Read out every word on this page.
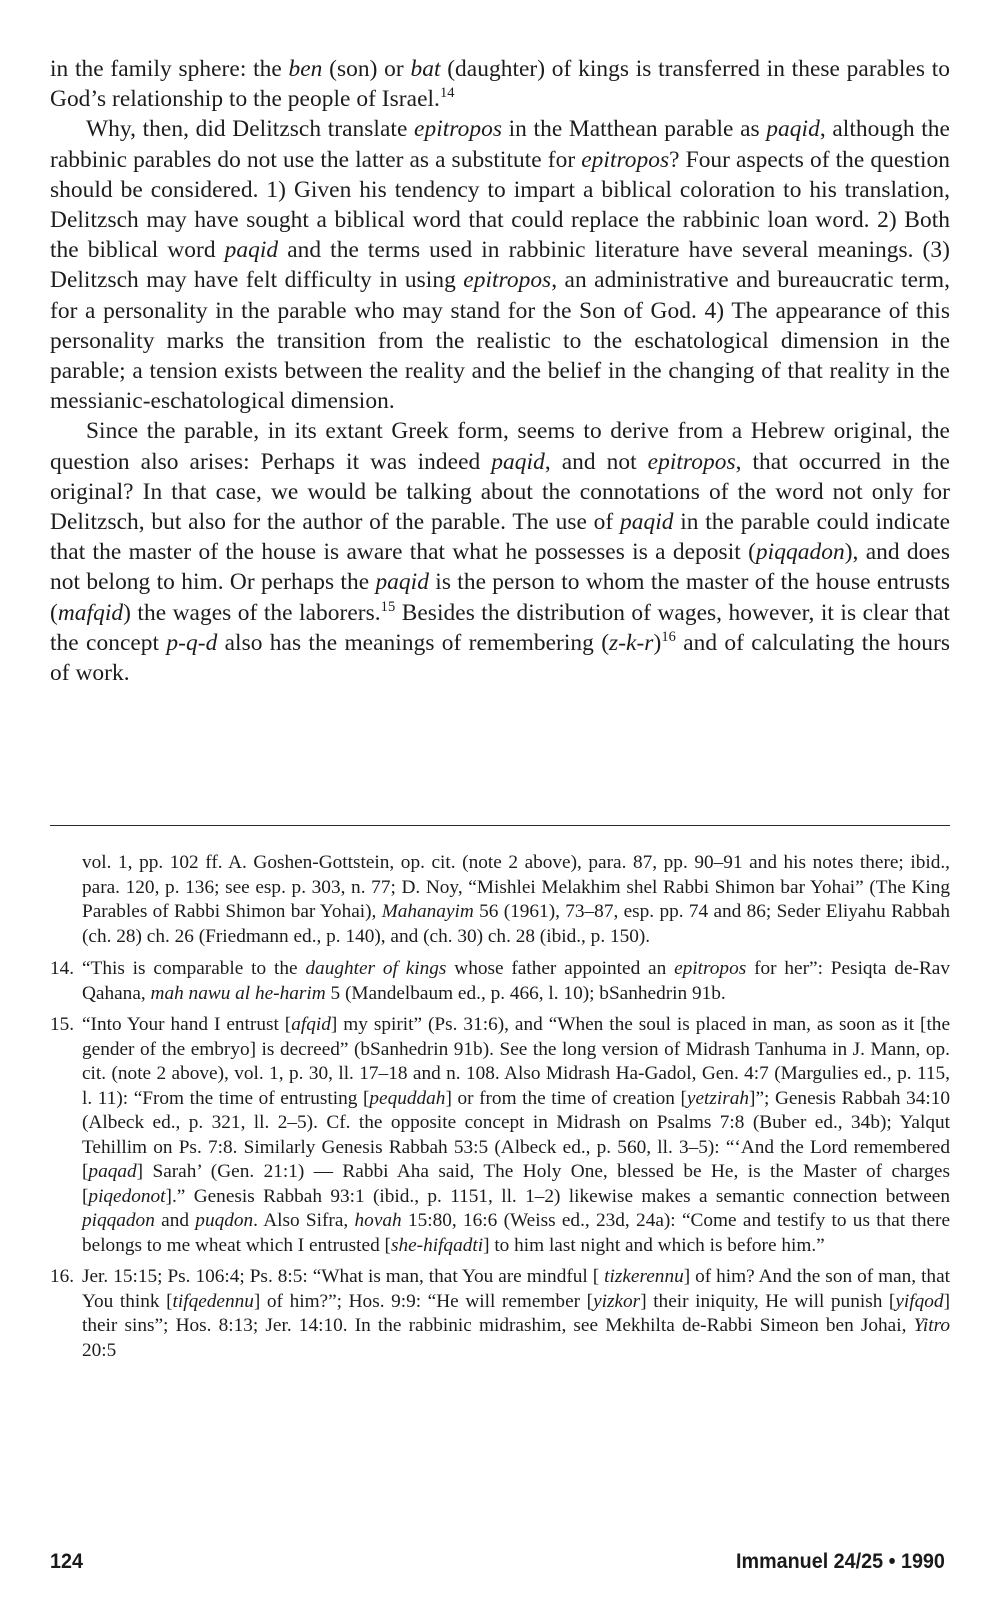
in the family sphere: the ben (son) or bat (daughter) of kings is transferred in these parables to God’s relationship to the people of Israel.$^{14}$

Why, then, did Delitzsch translate epitropos in the Matthean parable as paqid, although the rabbinic parables do not use the latter as a substitute for epitropos? Four aspects of the question should be considered. 1) Given his tendency to impart a biblical coloration to his translation, Delitzsch may have sought a biblical word that could replace the rabbinic loan word. 2) Both the biblical word paqid and the terms used in rabbinic literature have several meanings. (3) Delitzsch may have felt difficulty in using epitropos, an administrative and bureaucratic term, for a personality in the parable who may stand for the Son of God. 4) The appearance of this personality marks the transition from the realistic to the eschatological dimension in the parable; a tension exists between the reality and the belief in the changing of that reality in the messianic-eschatological dimension.

Since the parable, in its extant Greek form, seems to derive from a Hebrew original, the question also arises: Perhaps it was indeed paqid, and not epitropos, that occurred in the original? In that case, we would be talking about the connotations of the word not only for Delitzsch, but also for the author of the parable. The use of paqid in the parable could indicate that the master of the house is aware that what he possesses is a deposit (piqqadon), and does not belong to him. Or perhaps the paqid is the person to whom the master of the house entrusts (mafqid) the wages of the laborers.$^{15}$ Besides the distribution of wages, however, it is clear that the concept p-q-d also has the meanings of remembering $(z-k-r)^{16}$ and of calculating the hours of work.

vol. 1, pp. 102 ff. A. Goshen-Gottstein, op. cit. (note 2 above), para. 87, pp. 90–91 and his notes there; ibid., para. 120, p. 136; see esp. p. 303, n. 77; D. Noy, “Mishlei Melakhim shel Rabbi Shimon bar Yohai” (The King Parables of Rabbi Shimon bar Yohai), Mahanayim 56 (1961), 73–87, esp. pp. 74 and 86; Seder Eliyahu Rabbah (ch. 28) ch. 26 (Friedmann ed., p. 140), and (ch. 30) ch. 28 (ibid., p. 150).
14. “This is comparable to the daughter of kings whose father appointed an epitropos for her”: Pesiqta de-Rav Qahana, mah nawu al he-harim 5 (Mandelbaum ed., p. 466, l. 10); bSanhedrin 91b.
15. “Into Your hand I entrust [afqid] my spirit” (Ps. 31:6), and “When the soul is placed in man, as soon as it [the gender of the embryo] is decreed” (bSanhedrin 91b). See the long version of Midrash Tanhuma in J. Mann, op. cit. (note 2 above), vol. 1, p. 30, ll. 17–18 and n. 108. Also Midrash Ha-Gadol, Gen. 4:7 (Margulies ed., p. 115, l. 11): “From the time of entrusting [pequddah] or from the time of creation [yetzirah]”; Genesis Rabbah 34:10 (Albeck ed., p. 321, ll. 2–5). Cf. the opposite concept in Midrash on Psalms 7:8 (Buber ed., 34b); Yalqut Tehillim on Ps. 7:8. Similarly Genesis Rabbah 53:5 (Albeck ed., p. 560, ll. 3–5): “‘And the Lord remembered [paqad] Sarah’ (Gen. 21:1) — Rabbi Aha said, The Holy One, blessed be He, is the Master of charges [piqedonot].” Genesis Rabbah 93:1 (ibid., p. 1151, ll. 1–2) likewise makes a semantic connection between piqqadon and puqdon. Also Sifra, hovah 15:80, 16:6 (Weiss ed., 23d, 24a): “Come and testify to us that there belongs to me wheat which I entrusted [she-hifqadti] to him last night and which is before him.”
16. Jer. 15:15; Ps. 106:4; Ps. 8:5: “What is man, that You are mindful [ tizkerennu] of him? And the son of man, that You think [tifqedennu] of him?”; Hos. 9:9: “He will remember [yizkor] their iniquity, He will punish [yifqod] their sins”; Hos. 8:13; Jer. 14:10. In the rabbinic midrashim, see Mekhilta de-Rabbi Simeon ben Johai, Yitro 20:5
124	Immanuel 24/25 • 1990
